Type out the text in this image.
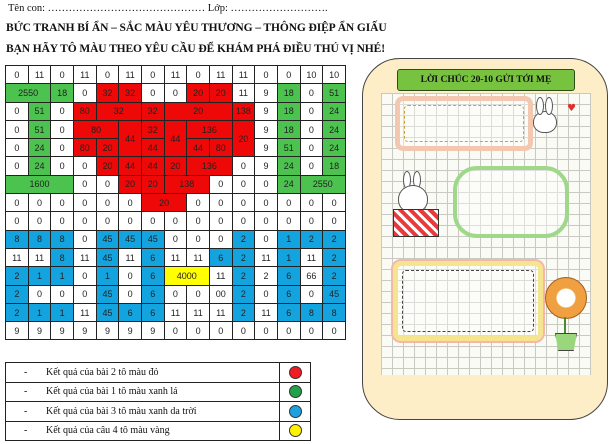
Tên con: ……………………………………… Lớp: ……………………….
BỨC TRANH BÍ ẨN – SẮC MÀU YÊU THƯƠNG – THÔNG ĐIỆP ẨN GIẤU
BẠN HÃY TÔ MÀU THEO YÊU CẦU ĐỂ KHÁM PHÁ ĐIỀU THÚ VỊ NHÉ!
0	11	0	11	0	11	0	11	0	11	11	0	0	10	10
2550		18	0	32	32	0	0	20	20	11	9	18	0	51
0	51	0	80	32		32	20			138	9	18	0	24
0	51	0	80		44	32	44	136		20	9	18	0	24
0	24	0	80	20		44		44	80		9	51	0	24
0	24	0	0	20	44	44	20	136		0	9	24	0	18
1600			0	0	20	20	138		0	0	0	24	2550	
0	0	0	0	0	0	20		0	0	0	0	0	0	0
0	0	0	0	0	0	0	0	0	0	0	0	0	0	0
8	8	8	0	45	45	45	0	0	0	2	0	1	2	2
11	11	8	11	45	11	6	11	11	6	2	11	1	11	2
2	1	1	0	1	0	6	4000		11	2	2	6	66	2
2	0	0	0	45	0	6	0	0	00	2	0	6	0	45
2	1	1	11	45	6	6	11	11	11	2	11	6	8	8
9	9	9	9	9	9	9	0	0	0	0	0	0	0	0
- Kết quả của bài 2 tô màu đỏ	
- Kết quả của bài 1 tô màu xanh lá	
- Kết quả của bài 3 tô màu xanh da trời	
- Kết quả của câu 4 tô màu vàng	
LỜI CHÚC 20-10 GỬI TỚI MẸ
♥
